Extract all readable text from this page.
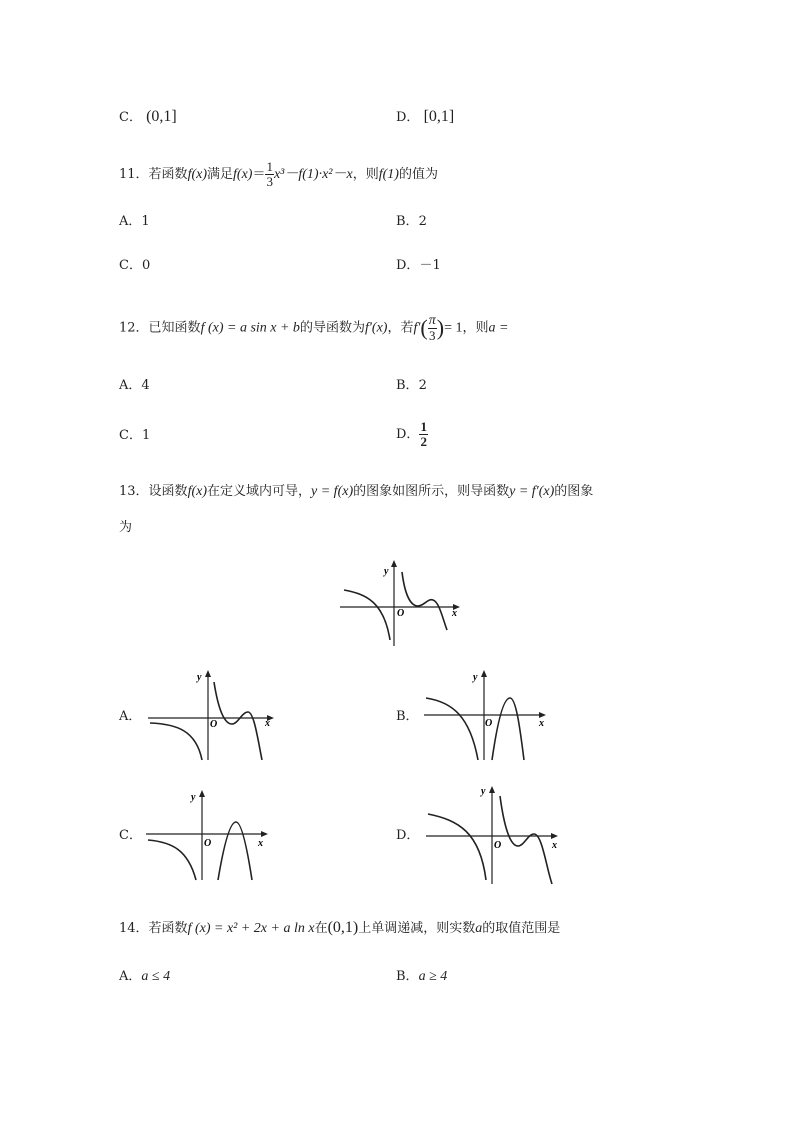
C． (0,1]	D． [0,1]
11．若函数f(x)满足$f(x)= \frac{1}{3} x^3-f(1)\cdot x^2-x$，则f(1)的值为
A．1	B．2
C．0	D．－1
12．已知函数f (x) = a sin x + b的导函数为f′(x)，若$f'( \frac{\pi}{3}$ )= 1，则a =
A．4	B．2
C．1	D． $\frac{1}{2}$
13．设函数f(x)在定义域内可导，y = f(x)的图象如图所示，则导函数y = f′(x)的图象
为
y
x
O
A．
y
x
O
B．
y
x
O
C．
y
x
O
D．
y
x
O
14．若函数f (x) = x² + 2x + a ln x在(0,1)上单调递减，则实数a的取值范围是
A．a ≤ 4	B．a ≥ 4
